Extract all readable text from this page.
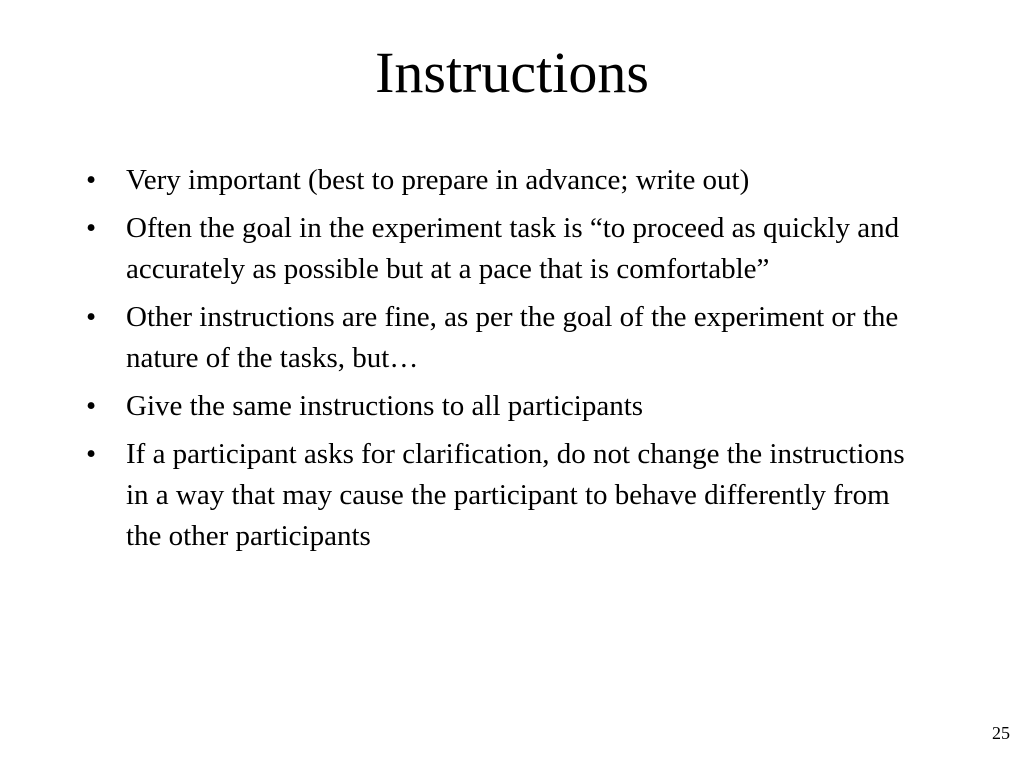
Instructions
•	Very important (best to prepare in advance; write out)
•	Often the goal in the experiment task is “to proceed as quickly and accurately as possible but at a pace that is comfortable”
•	Other instructions are fine, as per the goal of the experiment or the nature of the tasks, but…
•	Give the same instructions to all participants
•	If a participant asks for clarification, do not change the instructions in a way that may cause the participant to behave differently from the other participants
25
